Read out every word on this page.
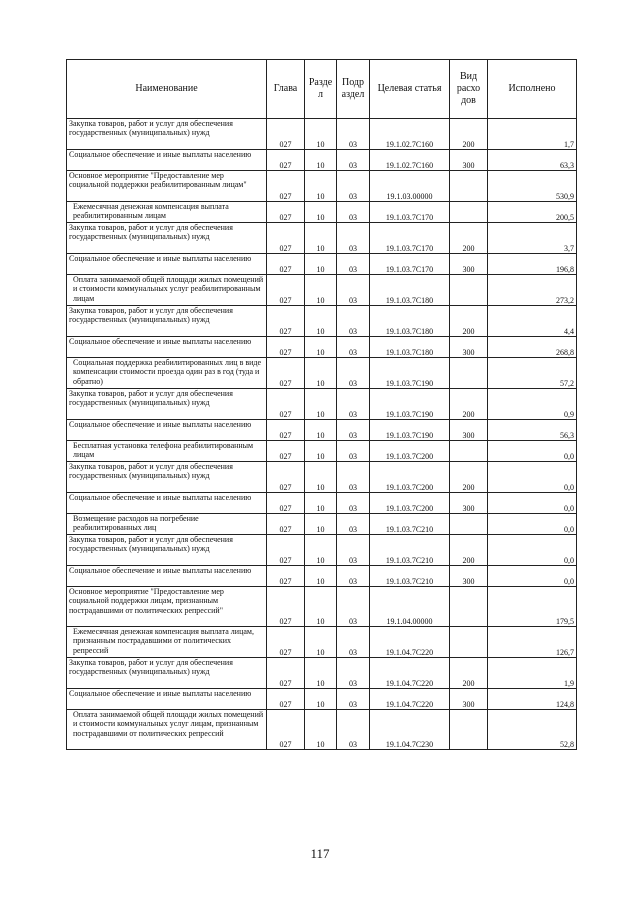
Наименование	Глава	Разде л	Подр аздел	Целевая статья	Вид расхо дов	Исполнено
Закупка товаров, работ и услуг для обеспечения государственных (муниципальных) нужд	027	10	03	19.1.02.7С160	200	1,7
Социальное обеспечение и иные выплаты населению	027	10	03	19.1.02.7С160	300	63,3
Основное мероприятие "Предоставление мер социальной поддержки реабилитированным лицам"	027	10	03	19.1.03.00000		530,9
Ежемесячная денежная компенсация выплата реабилитированным лицам	027	10	03	19.1.03.7С170		200,5
Закупка товаров, работ и услуг для обеспечения государственных (муниципальных) нужд	027	10	03	19.1.03.7С170	200	3,7
Социальное обеспечение и иные выплаты населению	027	10	03	19.1.03.7С170	300	196,8
Оплата занимаемой общей площади жилых помещений и стоимости коммунальных услуг реабилитированным лицам	027	10	03	19.1.03.7С180		273,2
Закупка товаров, работ и услуг для обеспечения государственных (муниципальных) нужд	027	10	03	19.1.03.7С180	200	4,4
Социальное обеспечение и иные выплаты населению	027	10	03	19.1.03.7С180	300	268,8
Социальная поддержка реабилитированных лиц в виде компенсации стоимости проезда один раз в год (туда и обратно)	027	10	03	19.1.03.7С190		57,2
Закупка товаров, работ и услуг для обеспечения государственных (муниципальных) нужд	027	10	03	19.1.03.7С190	200	0,9
Социальное обеспечение и иные выплаты населению	027	10	03	19.1.03.7С190	300	56,3
Бесплатная установка телефона реабилитированным лицам	027	10	03	19.1.03.7С200		0,0
Закупка товаров, работ и услуг для обеспечения государственных (муниципальных) нужд	027	10	03	19.1.03.7С200	200	0,0
Социальное обеспечение и иные выплаты населению	027	10	03	19.1.03.7С200	300	0,0
Возмещение расходов на погребение реабилитированных лиц	027	10	03	19.1.03.7С210		0,0
Закупка товаров, работ и услуг для обеспечения государственных (муниципальных) нужд	027	10	03	19.1.03.7С210	200	0,0
Социальное обеспечение и иные выплаты населению	027	10	03	19.1.03.7С210	300	0,0
Основное мероприятие "Предоставление мер социальной поддержки лицам, признанным пострадавшими от политических репрессий"	027	10	03	19.1.04.00000		179,5
Ежемесячная денежная компенсация выплата лицам, признанным пострадавшими от политических репрессий	027	10	03	19.1.04.7С220		126,7
Закупка товаров, работ и услуг для обеспечения государственных (муниципальных) нужд	027	10	03	19.1.04.7С220	200	1,9
Социальное обеспечение и иные выплаты населению	027	10	03	19.1.04.7С220	300	124,8
Оплата занимаемой общей площади жилых помещений и стоимости коммунальных услуг лицам, признанным пострадавшими от политических репрессий	027	10	03	19.1.04.7С230		52,8
117
